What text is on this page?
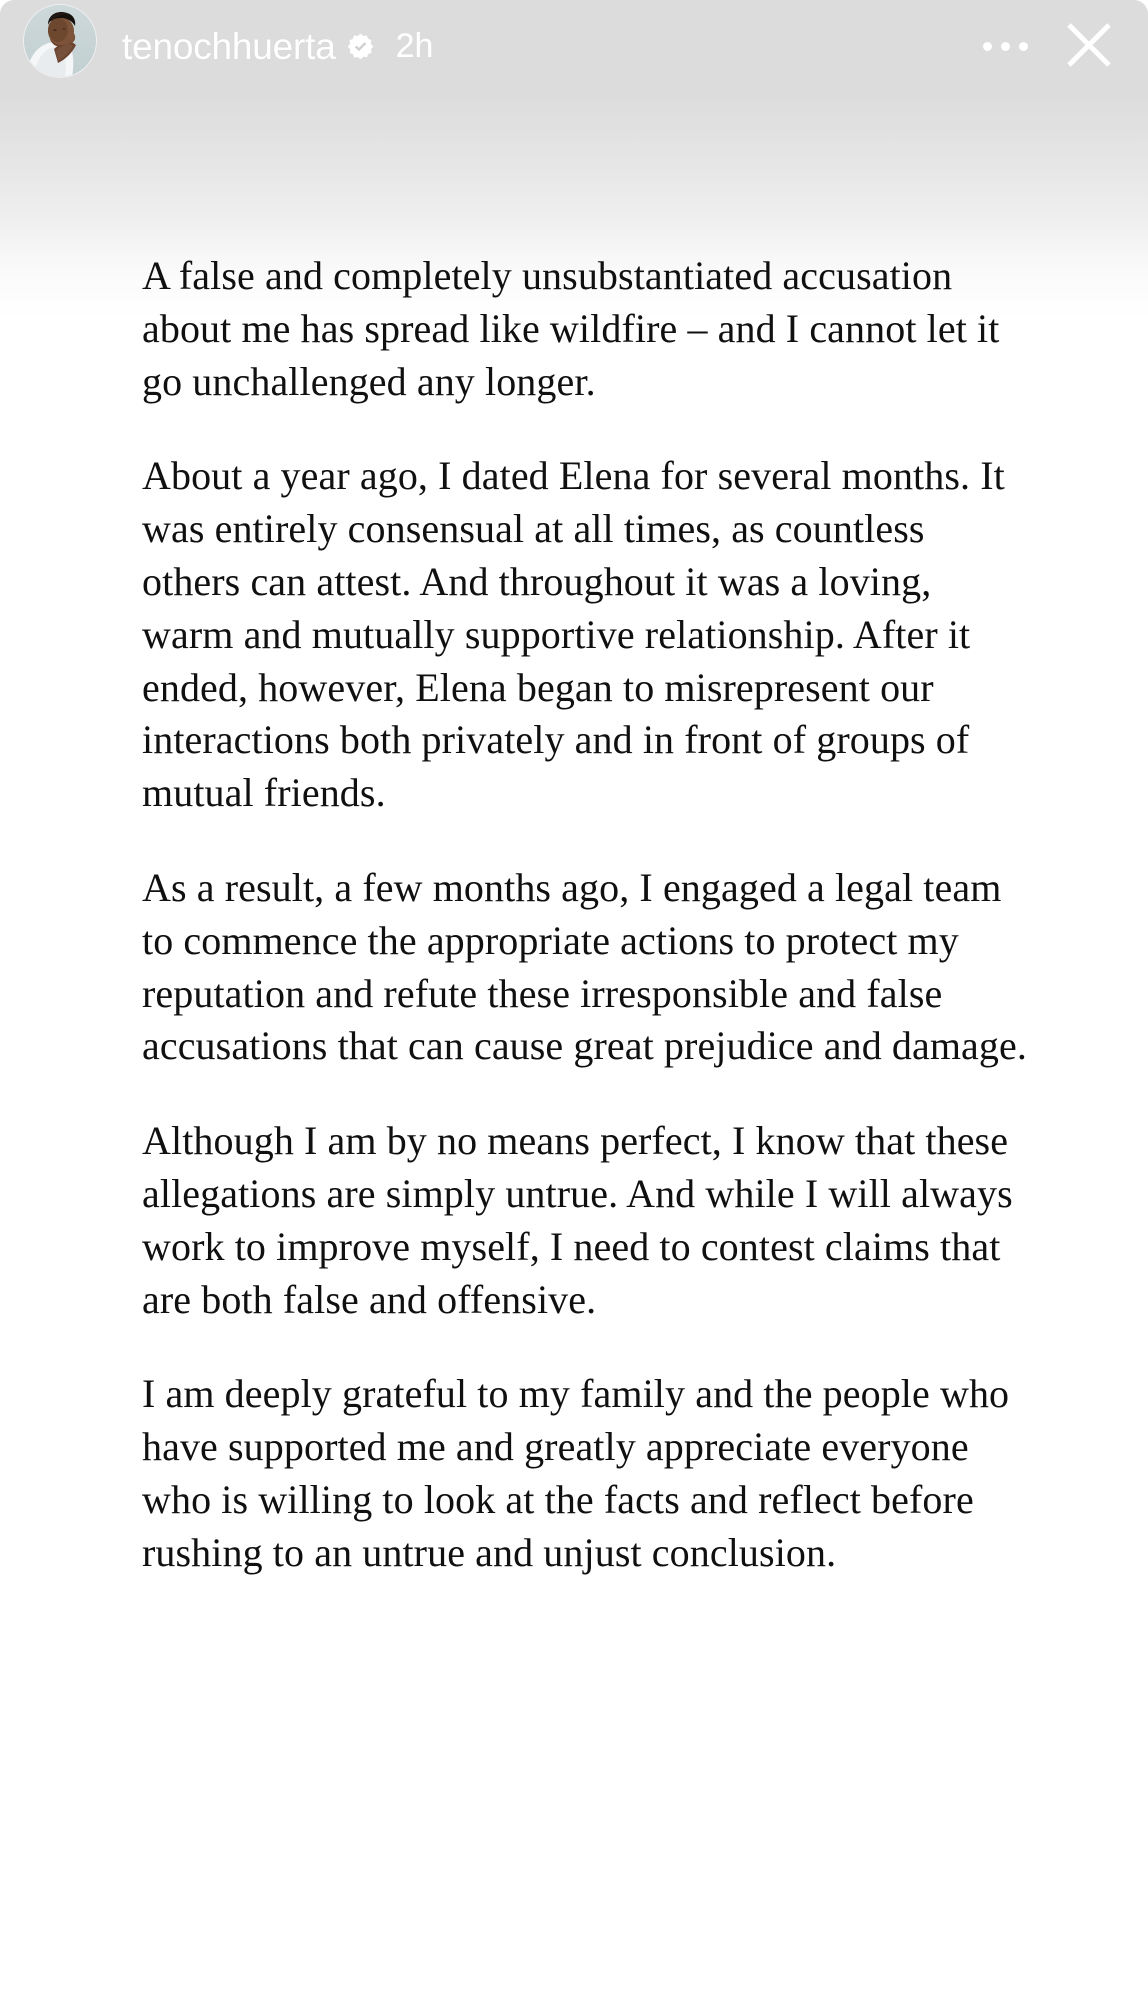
tenochhuerta 2h

A false and completely unsubstantiated accusation about me has spread like wildfire – and I cannot let it go unchallenged any longer.

About a year ago, I dated Elena for several months. It was entirely consensual at all times, as countless others can attest. And throughout it was a loving, warm and mutually supportive relationship. After it ended, however, Elena began to misrepresent our interactions both privately and in front of groups of mutual friends.

As a result, a few months ago, I engaged a legal team to commence the appropriate actions to protect my reputation and refute these irresponsible and false accusations that can cause great prejudice and damage.

Although I am by no means perfect, I know that these allegations are simply untrue. And while I will always work to improve myself, I need to contest claims that are both false and offensive.

I am deeply grateful to my family and the people who have supported me and greatly appreciate everyone who is willing to look at the facts and reflect before rushing to an untrue and unjust conclusion.
